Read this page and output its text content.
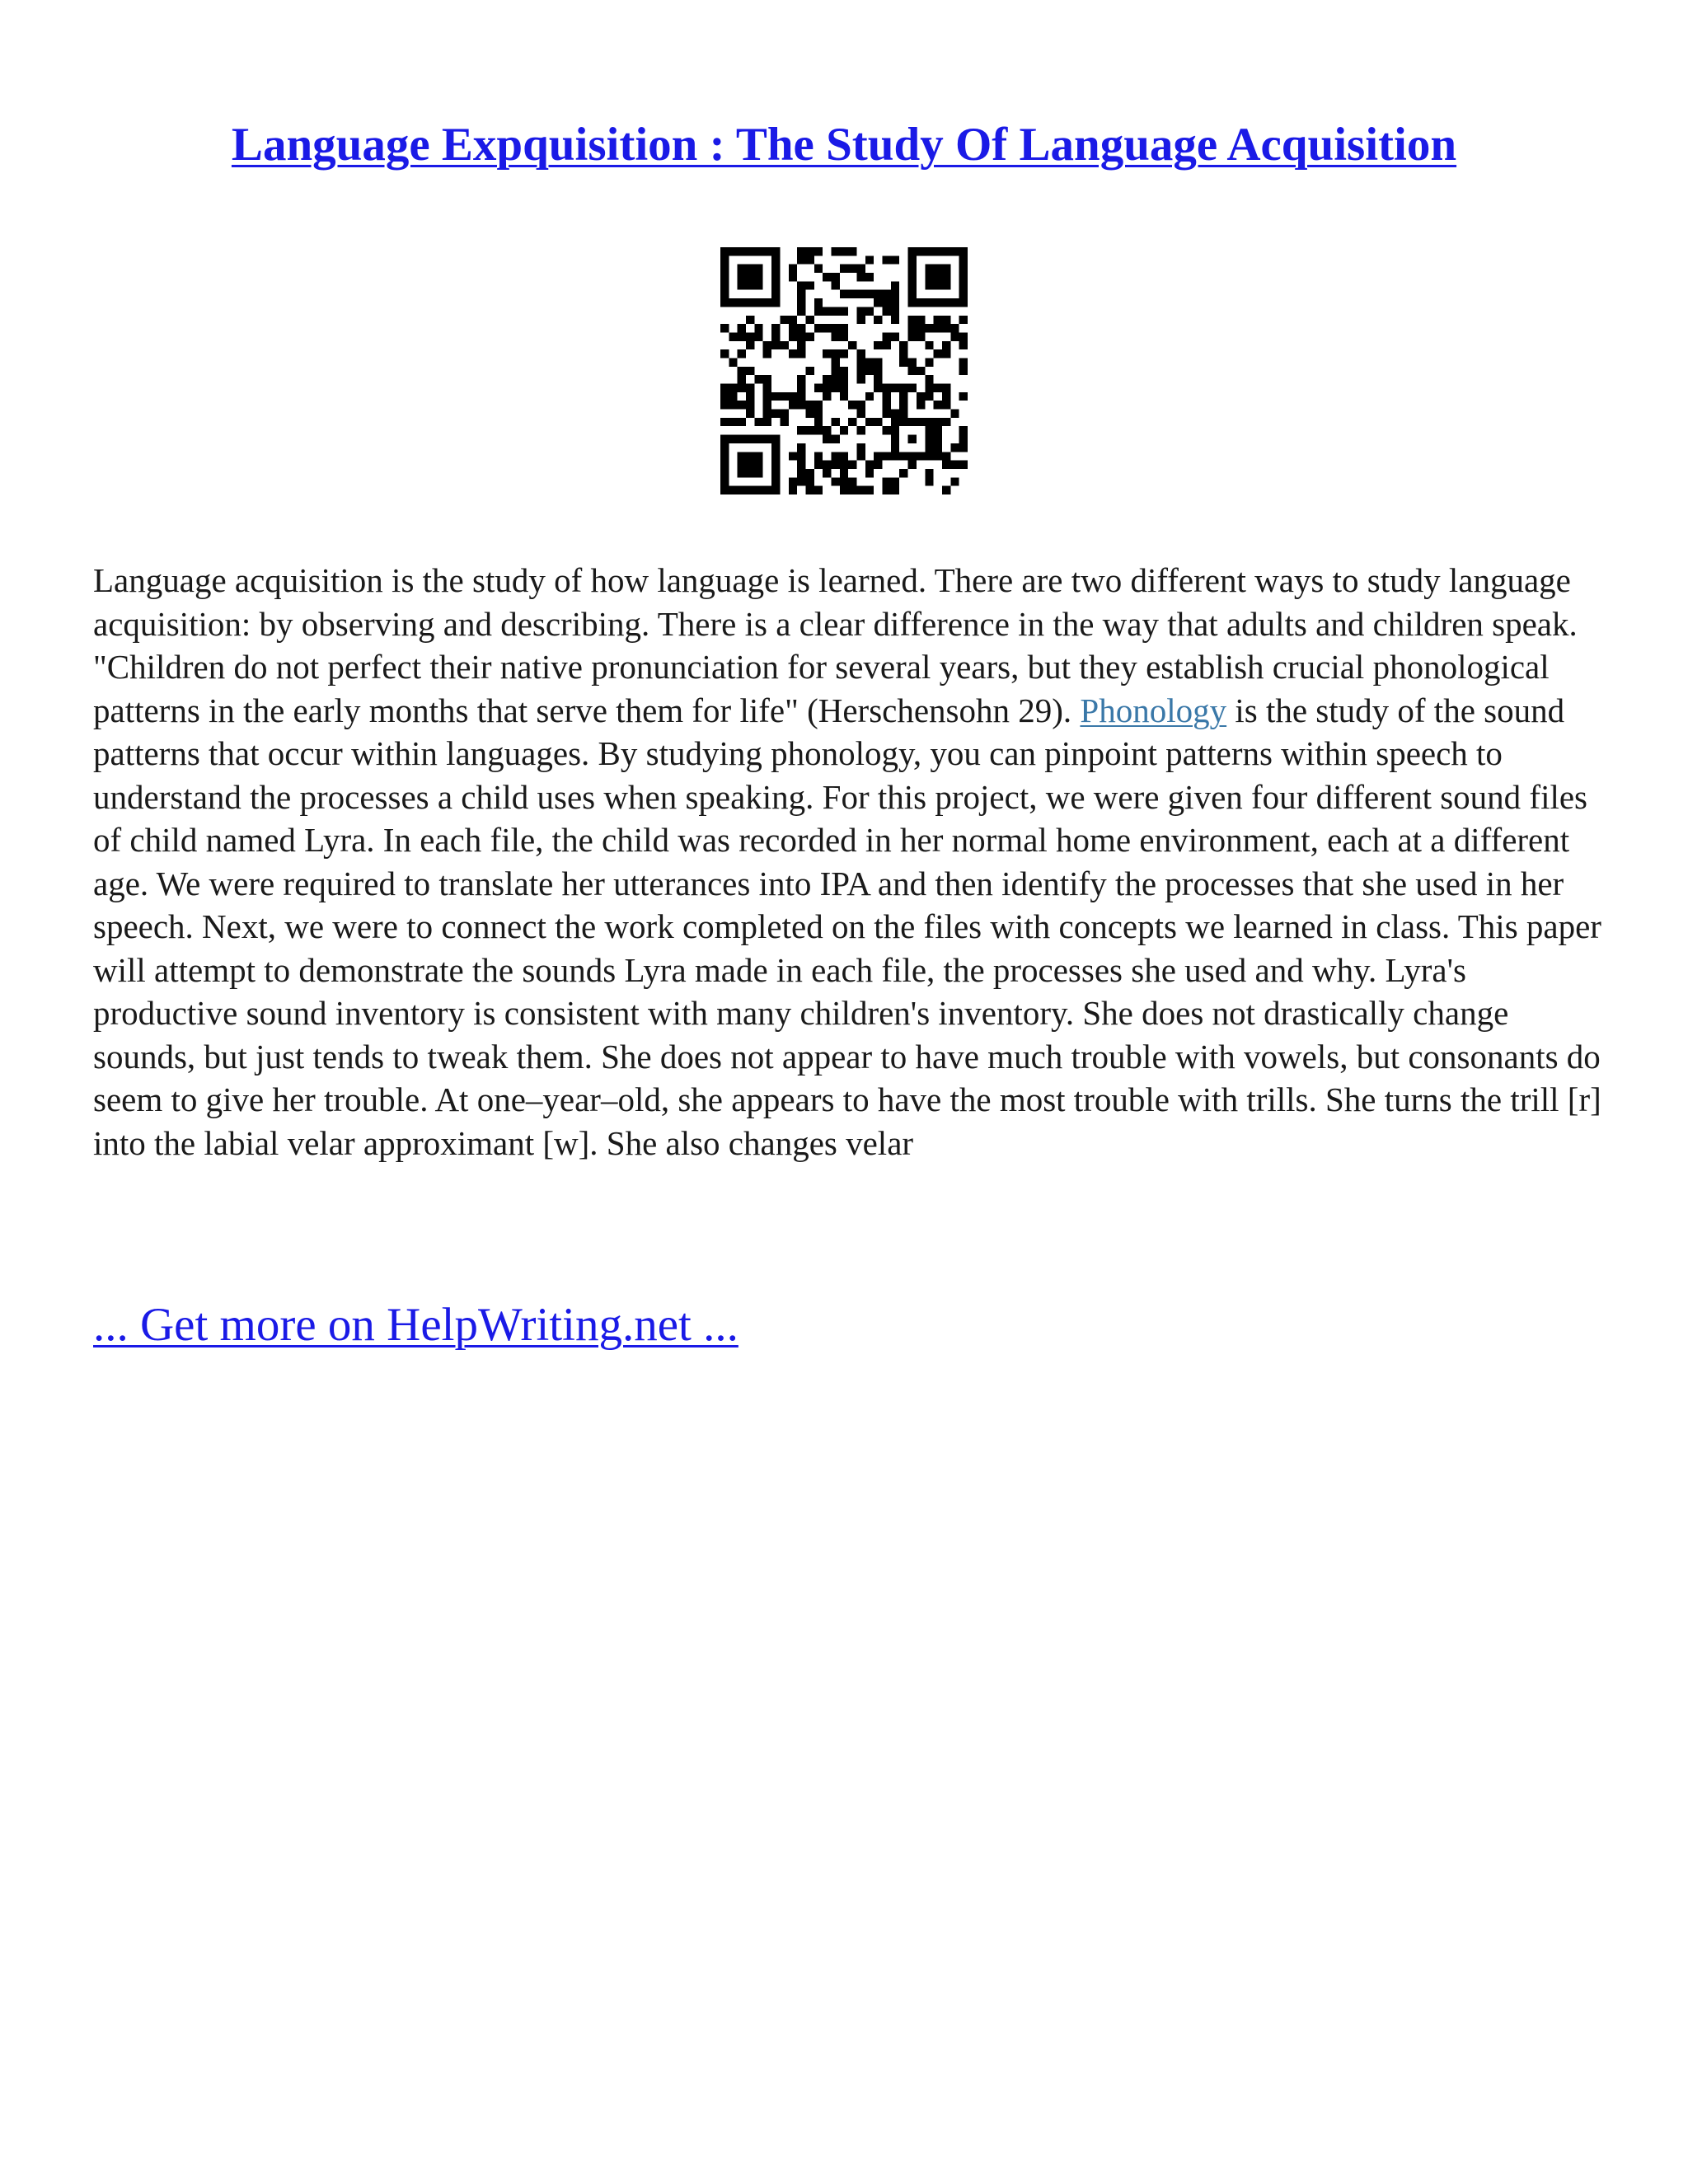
Language Expquisition : The Study Of Language Acquisition

Language acquisition is the study of how language is learned. There are two different ways to study language acquisition: by observing and describing. There is a clear difference in the way that adults and children speak. "Children do not perfect their native pronunciation for several years, but they establish crucial phonological patterns in the early months that serve them for life" (Herschensohn 29). Phonology is the study of the sound patterns that occur within languages. By studying phonology, you can pinpoint patterns within speech to understand the processes a child uses when speaking. For this project, we were given four different sound files of child named Lyra. In each file, the child was recorded in her normal home environment, each at a different age. We were required to translate her utterances into IPA and then identify the processes that she used in her speech. Next, we were to connect the work completed on the files with concepts we learned in class. This paper will attempt to demonstrate the sounds Lyra made in each file, the processes she used and why. Lyra's productive sound inventory is consistent with many children's inventory. She does not drastically change sounds, but just tends to tweak them. She does not appear to have much trouble with vowels, but consonants do seem to give her trouble. At one–year–old, she appears to have the most trouble with trills. She turns the trill [r] into the labial velar approximant [w]. She also changes velar

... Get more on HelpWriting.net ...
